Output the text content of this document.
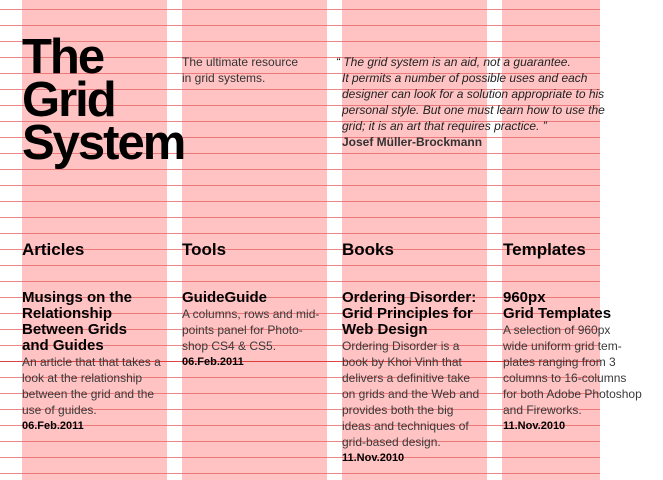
The
Grid
System
The ultimate resource
in grid systems.
“ The grid system is an aid, not a guarantee.
It permits a number of possible uses and each
designer can look for a solution appropriate to his
personal style. But one must learn how to use the
grid; it is an art that requires practice. ”
Josef Müller-Brockmann
Articles	Tools	Books	Templates

Musings on the
Relationship
Between Grids
and Guides

An article that that takes a
look at the relationship
between the grid and the
use of guides.

06.Feb.2011

GuideGuide

A columns, rows and mid-
points panel for Photo-
shop CS4 & CS5.

06.Feb.2011

Ordering Disorder:
Grid Principles for
Web Design

Ordering Disorder is a
book by Khoi Vinh that
delivers a definitive take
on grids and the Web and
provides both the big
ideas and techniques of
grid-based design.

11.Nov.2010

960px
Grid Templates

A selection of 960px
wide uniform grid tem-
plates ranging from 3
columns to 16-columns
for both Adobe Photoshop
and Fireworks.

11.Nov.2010
